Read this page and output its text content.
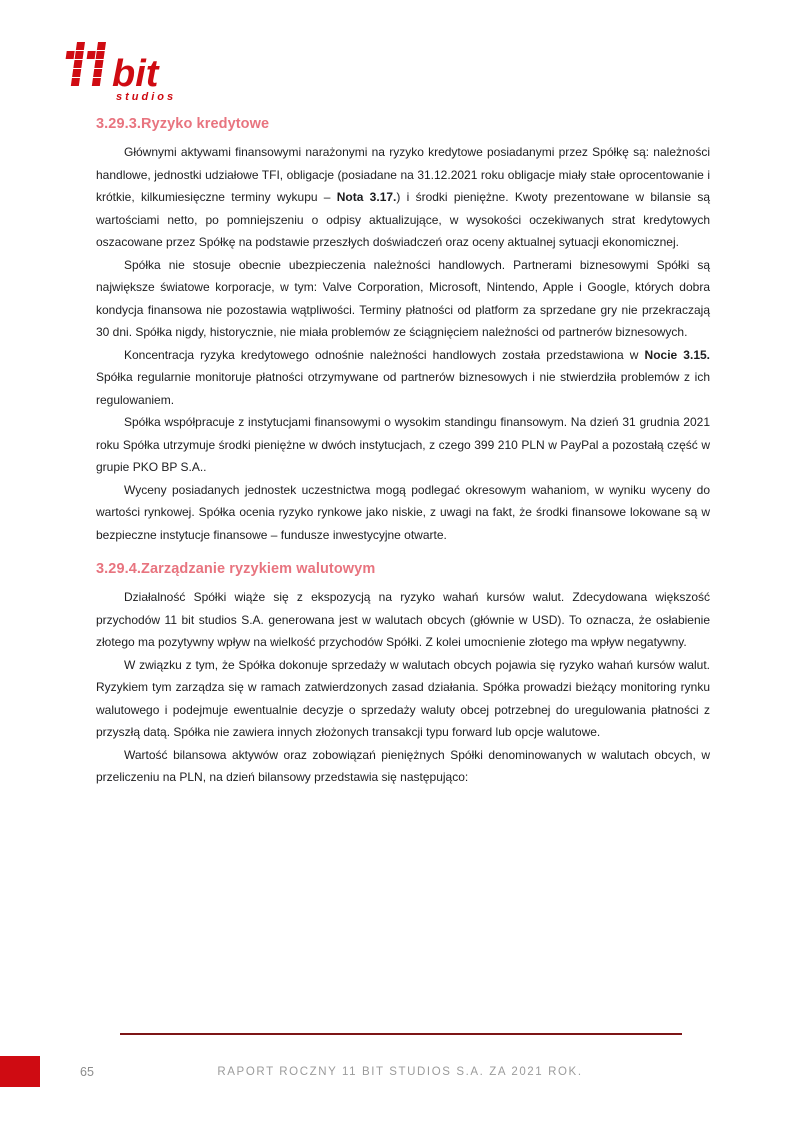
bit
studios
3.29.3.Ryzyko kredytowe

Głównymi aktywami finansowymi narażonymi na ryzyko kredytowe posiadanymi przez Spółkę są: należności handlowe, jednostki udziałowe TFI, obligacje (posiadane na 31.12.2021 roku obligacje miały stałe oprocentowanie i krótkie, kilkumiesięczne terminy wykupu – Nota 3.17.) i środki pieniężne. Kwoty prezentowane w bilansie są wartościami netto, po pomniejszeniu o odpisy aktualizujące, w wysokości oczekiwanych strat kredytowych oszacowane przez Spółkę na podstawie przeszłych doświadczeń oraz oceny aktualnej sytuacji ekonomicznej.

Spółka nie stosuje obecnie ubezpieczenia należności handlowych. Partnerami biznesowymi Spółki są największe światowe korporacje, w tym: Valve Corporation, Microsoft, Nintendo, Apple i Google, których dobra kondycja finansowa nie pozostawia wątpliwości. Terminy płatności od platform za sprzedane gry nie przekraczają 30 dni. Spółka nigdy, historycznie, nie miała problemów ze ściągnięciem należności od partnerów biznesowych.

Koncentracja ryzyka kredytowego odnośnie należności handlowych została przedstawiona w Nocie 3.15. Spółka regularnie monitoruje płatności otrzymywane od partnerów biznesowych i nie stwierdziła problemów z ich regulowaniem.

Spółka współpracuje z instytucjami finansowymi o wysokim standingu finansowym. Na dzień 31 grudnia 2021 roku Spółka utrzymuje środki pieniężne w dwóch instytucjach, z czego 399 210 PLN w PayPal a pozostałą część w grupie PKO BP S.A..

Wyceny posiadanych jednostek uczestnictwa mogą podlegać okresowym wahaniom, w wyniku wyceny do wartości rynkowej. Spółka ocenia ryzyko rynkowe jako niskie, z uwagi na fakt, że środki finansowe lokowane są w bezpieczne instytucje finansowe – fundusze inwestycyjne otwarte.

3.29.4.Zarządzanie ryzykiem walutowym

Działalność Spółki wiąże się z ekspozycją na ryzyko wahań kursów walut. Zdecydowana większość przychodów 11 bit studios S.A. generowana jest w walutach obcych (głównie w USD). To oznacza, że osłabienie złotego ma pozytywny wpływ na wielkość przychodów Spółki. Z kolei umocnienie złotego ma wpływ negatywny.

W związku z tym, że Spółka dokonuje sprzedaży w walutach obcych pojawia się ryzyko wahań kursów walut. Ryzykiem tym zarządza się w ramach zatwierdzonych zasad działania. Spółka prowadzi bieżący monitoring rynku walutowego i podejmuje ewentualnie decyzje o sprzedaży waluty obcej potrzebnej do uregulowania płatności z przyszłą datą. Spółka nie zawiera innych złożonych transakcji typu forward lub opcje walutowe.

Wartość bilansowa aktywów oraz zobowiązań pieniężnych Spółki denominowanych w walutach obcych, w przeliczeniu na PLN, na dzień bilansowy przedstawia się następująco:

65	RAPORT ROCZNY 11 BIT STUDIOS S.A. ZA 2021 ROK.
